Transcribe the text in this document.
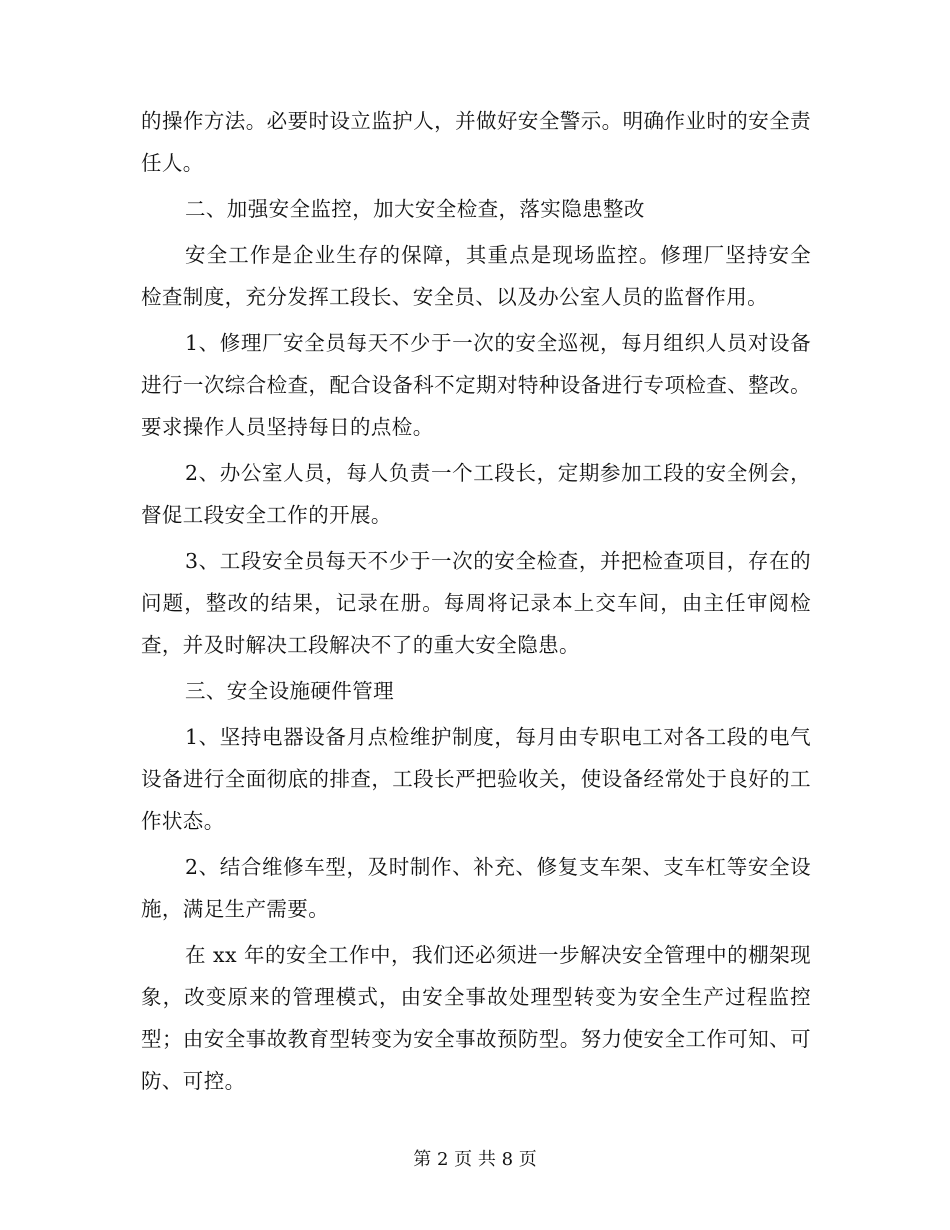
的操作方法。必要时设立监护人，并做好安全警示。明确作业时的安全责任人。

二、加强安全监控，加大安全检查，落实隐患整改

安全工作是企业生存的保障，其重点是现场监控。修理厂坚持安全检查制度，充分发挥工段长、安全员、以及办公室人员的监督作用。

1、修理厂安全员每天不少于一次的安全巡视，每月组织人员对设备进行一次综合检查，配合设备科不定期对特种设备进行专项检查、整改。要求操作人员坚持每日的点检。

2、办公室人员，每人负责一个工段长，定期参加工段的安全例会，督促工段安全工作的开展。

3、工段安全员每天不少于一次的安全检查，并把检查项目，存在的问题，整改的结果，记录在册。每周将记录本上交车间，由主任审阅检查，并及时解决工段解决不了的重大安全隐患。

三、安全设施硬件管理

1、坚持电器设备月点检维护制度，每月由专职电工对各工段的电气设备进行全面彻底的排查，工段长严把验收关，使设备经常处于良好的工作状态。

2、结合维修车型，及时制作、补充、修复支车架、支车杠等安全设施，满足生产需要。

在 xx 年的安全工作中，我们还必须进一步解决安全管理中的棚架现象，改变原来的管理模式，由安全事故处理型转变为安全生产过程监控型；由安全事故教育型转变为安全事故预防型。努力使安全工作可知、可防、可控。

第 2 页 共 8 页
